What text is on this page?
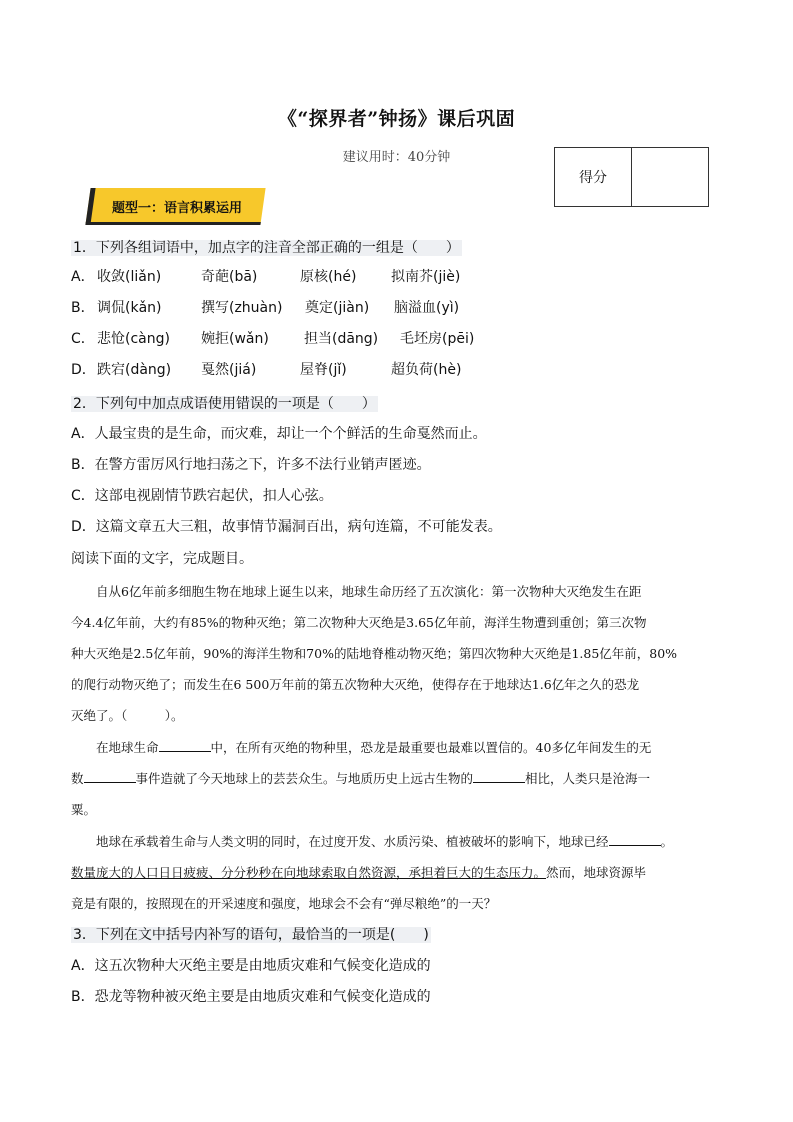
《“探界者”钟扬》课后巩固
建议用时：40分钟
得分	
题型一：语言积累运用
1．下列各组词语中，加点字的注音全部正确的一组是（　　）
A． 收敛(liǎn)	奇葩(bā)	原核(hé) 拟南芥(jiè)
B． 调侃(kǎn)	撰写(zhuàn) 奠定(jiàn) 脑溢血(yì)
C． 悲怆(càng) 婉拒(wǎn)	担当(dāng) 毛坯房(pēi)
D．跌宕(dàng) 戛然(jiá)	屋脊(jǐ)	超负荷(hè)
2．下列句中加点成语使用错误的一项是（　　）
A．人最宝贵的是生命，而灾难，却让一个个鲜活的生命戛然而止。
B．在警方雷厉风行地扫荡之下，许多不法行业销声匿迹。
C．这部电视剧情节跌宕起伏，扣人心弦。
D．这篇文章五大三粗，故事情节漏洞百出，病句连篇，不可能发表。
阅读下面的文字，完成题目。
自从6亿年前多细胞生物在地球上诞生以来，地球生命历经了五次演化：第一次物种大灭绝发生在距
今4.4亿年前，大约有85%的物种灭绝；第二次物种大灭绝是3.65亿年前，海洋生物遭到重创；第三次物
种大灭绝是2.5亿年前，90%的海洋生物和70%的陆地脊椎动物灭绝；第四次物种大灭绝是1.85亿年前，80%
的爬行动物灭绝了；而发生在6 500万年前的第五次物种大灭绝，使得存在于地球达1.6亿年之久的恐龙
灭绝了。（　　　）。
在地球生命	中，在所有灭绝的物种里，恐龙是最重要也最难以置信的。40多亿年间发生的无
数	事件造就了今天地球上的芸芸众生。与地质历史上远古生物的	相比，人类只是沧海一
粟。
地球在承载着生命与人类文明的同时，在过度开发、水质污染、植被破坏的影响下，地球已经	。
数量庞大的人口日日疲疲、分分秒秒在向地球索取自然资源，承担着巨大的生态压力。然而，地球资源毕
竟是有限的，按照现在的开采速度和强度，地球会不会有“弹尽粮绝”的一天？
3．下列在文中括号内补写的语句，最恰当的一项是(　　)
A．这五次物种大灭绝主要是由地质灾难和气候变化造成的
B．恐龙等物种被灭绝主要是由地质灾难和气候变化造成的
